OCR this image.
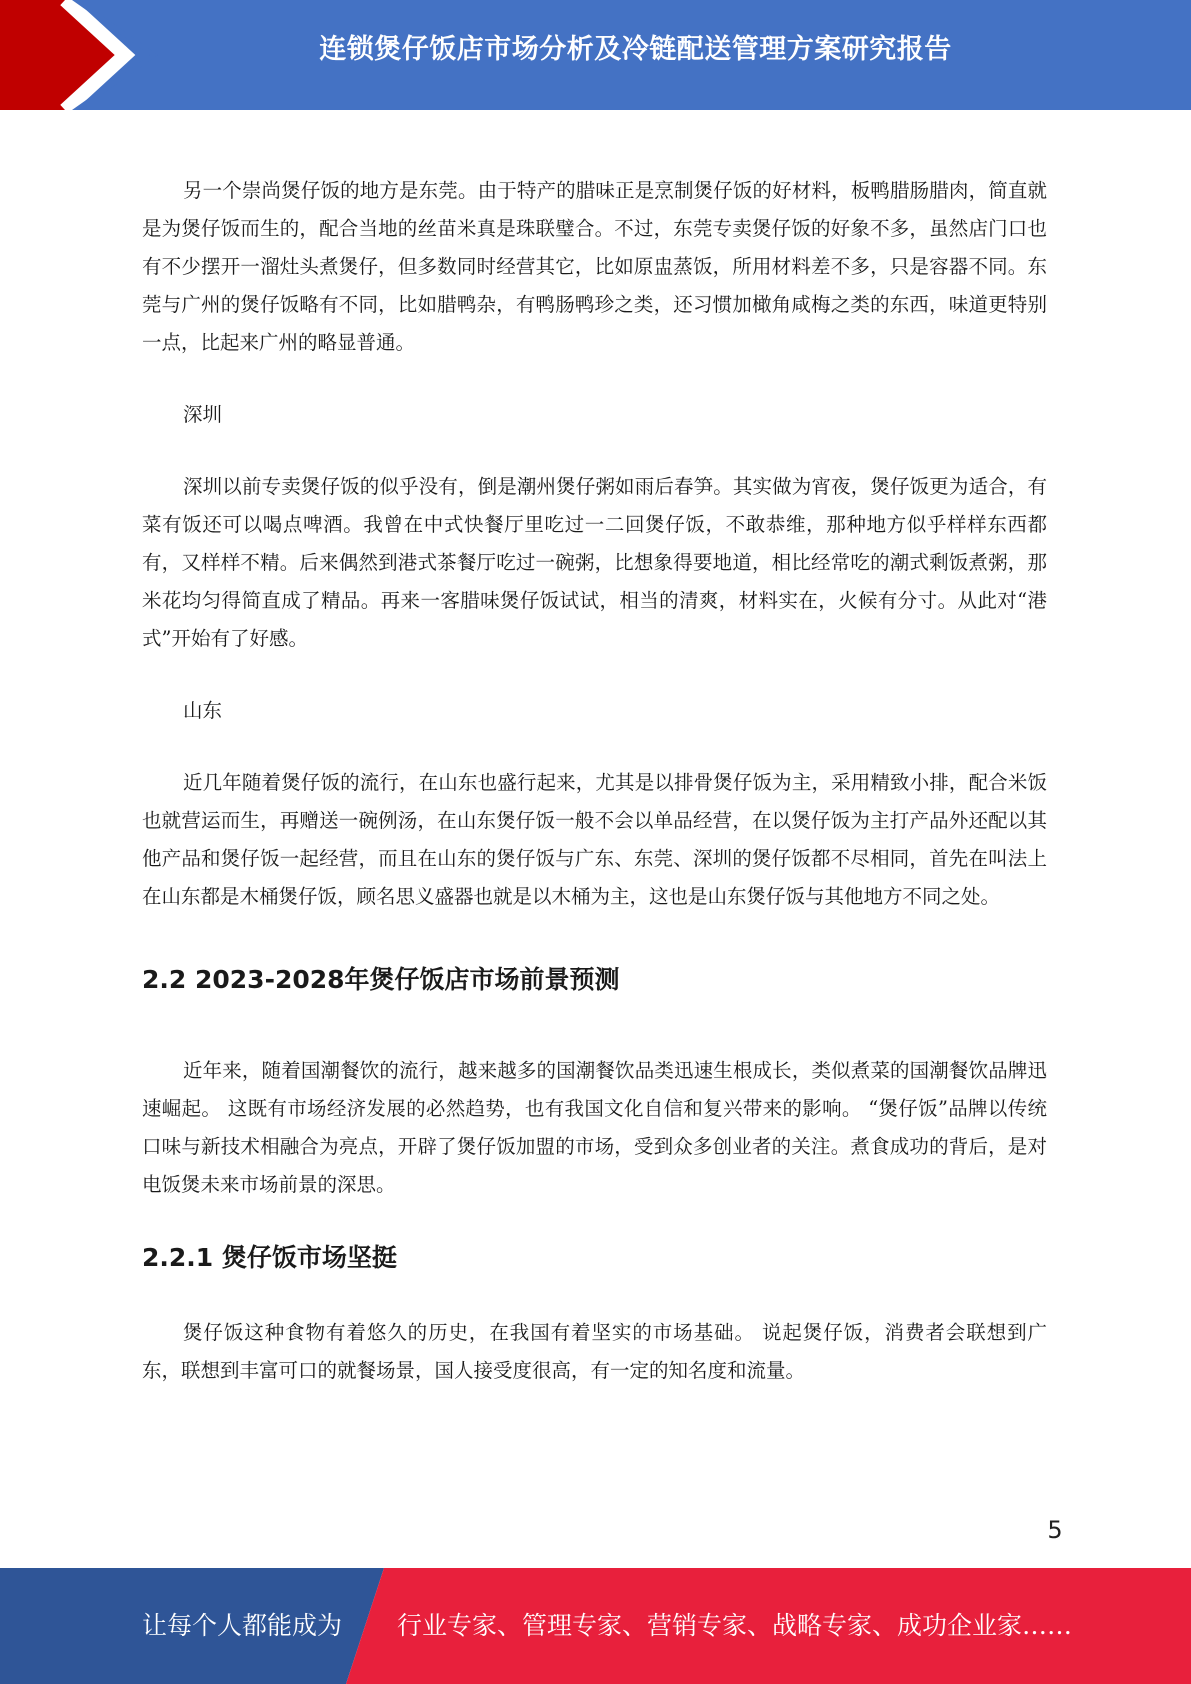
连锁煲仔饭店市场分析及冷链配送管理方案研究报告

另一个崇尚煲仔饭的地方是东莞。由于特产的腊味正是烹制煲仔饭的好材料，板鸭腊肠腊肉，简直就是为煲仔饭而生的，配合当地的丝苗米真是珠联璧合。不过，东莞专卖煲仔饭的好象不多，虽然店门口也有不少摆开一溜灶头煮煲仔，但多数同时经营其它，比如原盅蒸饭，所用材料差不多，只是容器不同。东莞与广州的煲仔饭略有不同，比如腊鸭杂，有鸭肠鸭珍之类，还习惯加橄角咸梅之类的东西，味道更特别一点，比起来广州的略显普通。

深圳

深圳以前专卖煲仔饭的似乎没有，倒是潮州煲仔粥如雨后春笋。其实做为宵夜，煲仔饭更为适合，有菜有饭还可以喝点啤酒。我曾在中式快餐厅里吃过一二回煲仔饭，不敢恭维，那种地方似乎样样东西都有，又样样不精。后来偶然到港式茶餐厅吃过一碗粥，比想象得要地道，相比经常吃的潮式剩饭煮粥，那米花均匀得简直成了精品。再来一客腊味煲仔饭试试，相当的清爽，材料实在，火候有分寸。从此对“港式”开始有了好感。

山东

近几年随着煲仔饭的流行，在山东也盛行起来，尤其是以排骨煲仔饭为主，采用精致小排，配合米饭也就营运而生，再赠送一碗例汤，在山东煲仔饭一般不会以单品经营，在以煲仔饭为主打产品外还配以其他产品和煲仔饭一起经营，而且在山东的煲仔饭与广东、东莞、深圳的煲仔饭都不尽相同，首先在叫法上在山东都是木桶煲仔饭，顾名思义盛器也就是以木桶为主，这也是山东煲仔饭与其他地方不同之处。

2.2 2023-2028年煲仔饭店市场前景预测

近年来，随着国潮餐饮的流行，越来越多的国潮餐饮品类迅速生根成长，类似煮菜的国潮餐饮品牌迅速崛起。 这既有市场经济发展的必然趋势，也有我国文化自信和复兴带来的影响。 “煲仔饭”品牌以传统口味与新技术相融合为亮点，开辟了煲仔饭加盟的市场，受到众多创业者的关注。煮食成功的背后，是对电饭煲未来市场前景的深思。

2.2.1 煲仔饭市场坚挺

煲仔饭这种食物有着悠久的历史，在我国有着坚实的市场基础。 说起煲仔饭，消费者会联想到广东，联想到丰富可口的就餐场景，国人接受度很高，有一定的知名度和流量。

5
让每个人都能成为 行业专家、管理专家、营销专家、战略专家、成功企业家……
